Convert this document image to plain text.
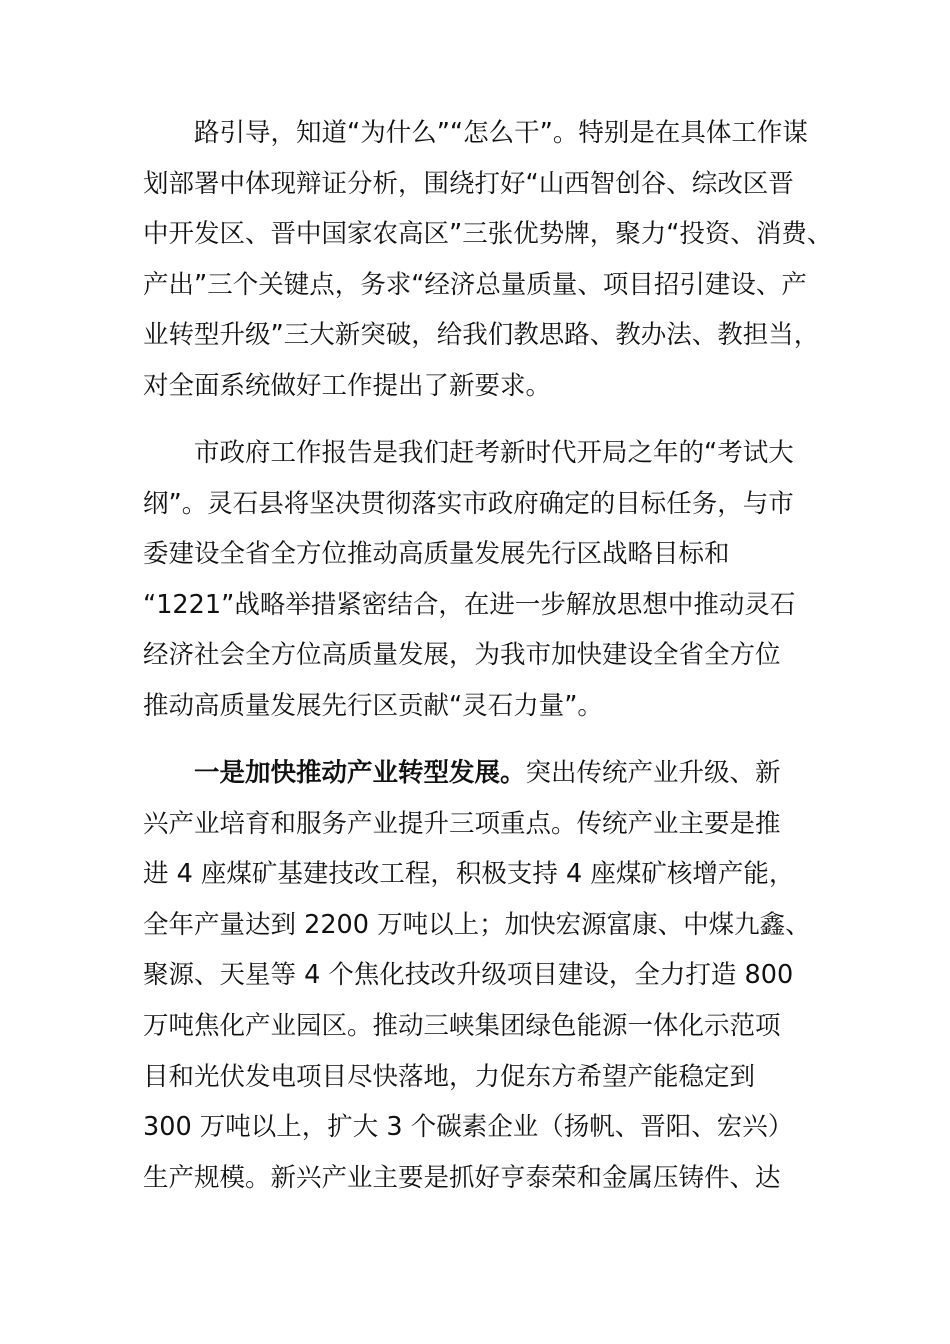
路引导，知道“为什么”“怎么干”。特别是在具体工作谋
划部署中体现辩证分析，围绕打好“山西智创谷、综改区晋
中开发区、晋中国家农高区”三张优势牌，聚力“投资、消费、
产出”三个关键点，务求“经济总量质量、项目招引建设、产
业转型升级”三大新突破，给我们教思路、教办法、教担当，
对全面系统做好工作提出了新要求。

市政府工作报告是我们赶考新时代开局之年的“考试大
纲”。灵石县将坚决贯彻落实市政府确定的目标任务，与市
委建设全省全方位推动高质量发展先行区战略目标和
“1221”战略举措紧密结合，在进一步解放思想中推动灵石
经济社会全方位高质量发展，为我市加快建设全省全方位
推动高质量发展先行区贡献“灵石力量”。

一是加快推动产业转型发展。突出传统产业升级、新
兴产业培育和服务产业提升三项重点。传统产业主要是推
进 4 座煤矿基建技改工程，积极支持 4 座煤矿核增产能，
全年产量达到 2200 万吨以上；加快宏源富康、中煤九鑫、
聚源、天星等 4 个焦化技改升级项目建设，全力打造 800
万吨焦化产业园区。推动三峡集团绿色能源一体化示范项
目和光伏发电项目尽快落地，力促东方希望产能稳定到
300 万吨以上，扩大 3 个碳素企业（扬帆、晋阳、宏兴）
生产规模。新兴产业主要是抓好亨泰荣和金属压铸件、达
